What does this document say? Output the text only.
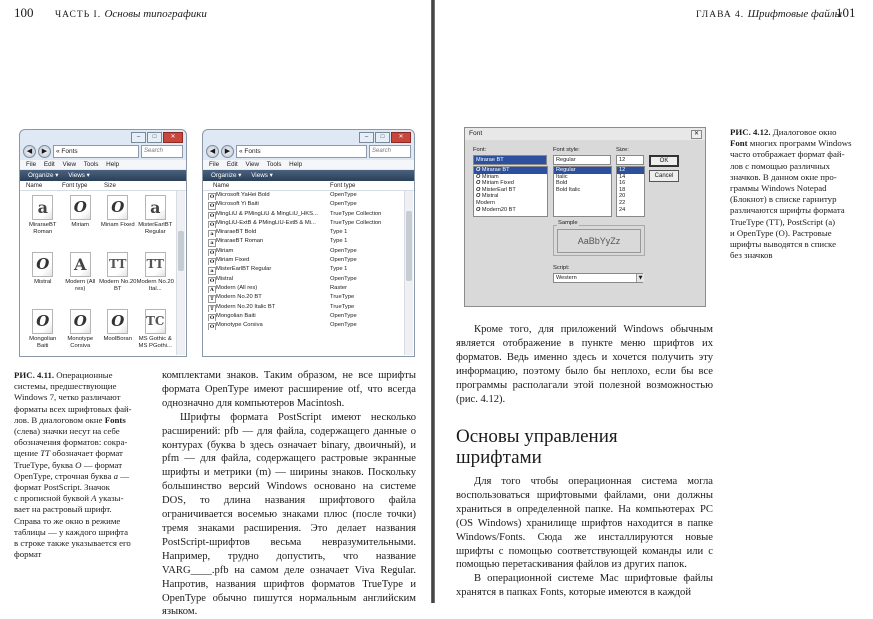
100 ЧАСТЬ I. Основы типографики
–	□	✕
◀	▶	« Fonts	Search
File Edit View Tools Help
Organize ▾ Views ▾
Name	Font type	Size
a
MiraraeBT Roman
O
Miriam
O
Miriam Fixed
a
MisterEarlBT Regular
O
Mistral
A
Modern (All res)
TT
Modern No.20 BT
TT
Modern No.20 Ital...
O
Mongolian Baiti
O
Monotype Corsiva
O
MoolBoran
TC
MS Gothic & MS PGothi...
–	□	✕
◀	▶	« Fonts	Search
File Edit View Tools Help
Organize ▾ Views ▾
Name	Font type
O Microsoft YaHei Bold	OpenType
O Microsoft Yi Baiti	OpenType
O MingLiU & PMingLiU & MingLiU_HKS...	TrueType Collection
O MingLiU-ExtB & PMingLiU-ExtB & Mi...	TrueType Collection
a MiraraeBT Bold	Type 1
a MiraraeBT Roman	Type 1
O Miriam	OpenType
O Miriam Fixed	OpenType
a MisterEarlBT Regular	Type 1
O Mistral	OpenType
A Modern (All res)	Raster
T Modern No.20 BT	TrueType
T Modern No.20 Italic BT	TrueType
O Mongolian Baiti	OpenType
O Monotype Corsiva	OpenType
РИС. 4.11. Операционные
системы, предшествующие
Windows 7, четко различают
форматы всех шрифтовых фай-
лов. В диалоговом окне Fonts
(слева) значки несут на себе
обозначения форматов: сокра-
щение TT обозначает формат
TrueType, буква O — формат
OpenType, строчная буква a —
формат PostScript. Значок
с прописной буквой A указы-
вает на растровый шрифт.
Справа то же окно в режиме
таблицы — у каждого шрифта
в строке также указывается его
формат

комплектами знаков. Таким образом, не все шрифты формата OpenType имеют расширение otf, что всегда однозначно для компьютеров Macintosh.

Шрифты формата PostScript имеют несколько расширений: pfb — для файла, содержащего данные о контурах (буква b здесь означает binary, двоичный), и pfm — для файла, содержащего растровые экранные шрифты и метрики (m) — ширины знаков. Поскольку большинство версий Windows основано на системе DOS, то длина названия шрифтового файла ограничивается восемью знаками плюс (после точки) тремя знаками расширения. Это делает названия PostScript-шрифтов весьма невразумительными. Например, трудно допустить, что название VARG____.pfb на самом деле означает Viva Regular. Напротив, названия шрифтов форматов TrueType и OpenType обычно пишутся нормальным английским языком.

ГЛАВА 4. Шрифтовые файлы
101
Font	✕
Font:
Mirarae BT
O Mirarae BT
O Miriam
O Miriam Fixed
O MisterEarl BT
O Mistral
Modern
O Modern20 BT
Font style:
Regular
Regular
Italic
Bold
Bold Italic
Size:
12
12
14
16
18
20
22
24
OK
Cancel
Sample
AaBbYyZz
Script:
Western	▼
РИС. 4.12. Диалоговое окно
Font многих программ Windows
часто отображает формат фай-
лов с помощью различных
значков. В данном окне про-
граммы Windows Notepad
(Блокнот) в списке гарнитур
различаются шрифты формата
TrueType (TT), PostScript (a)
и OpenType (O). Растровые
шрифты выводятся в списке
без значков

Кроме того, для приложений Windows обычным является отображение в пункте меню шрифтов их форматов. Ведь именно здесь и хочется получить эту информацию, поэтому было бы неплохо, если бы все программы располагали этой полезной возможностью (рис. 4.12).

Основы управления шрифтами

Для того чтобы операционная система могла воспользоваться шрифтовыми файлами, они должны храниться в определенной папке. На компьютерах PC (OS Windows) хранилище шрифтов находится в папке Windows/Fonts. Сюда же инсталлируются новые шрифты с помощью соответствующей команды или с помощью перетаскивания файлов из других папок.

В операционной системе Mac шрифтовые файлы хранятся в папках Fonts, которые имеются в каждой
